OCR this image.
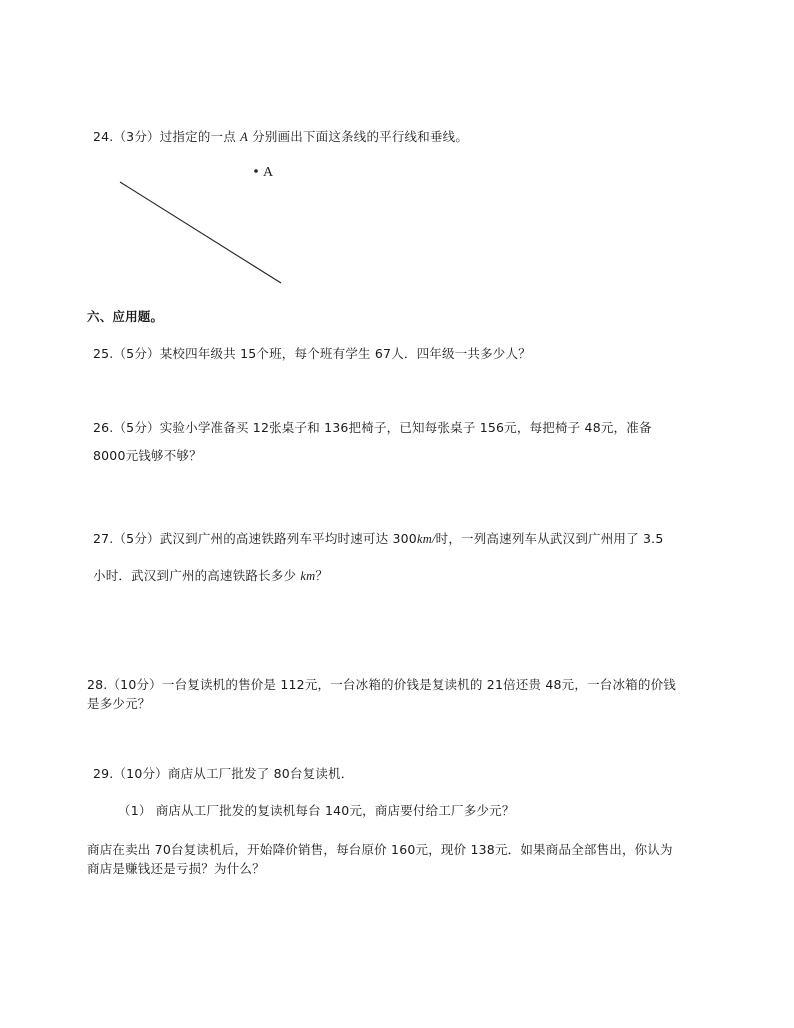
24.（3分）过指定的一点 A 分别画出下面这条线的平行线和垂线。
A
六、应用题。
25.（5分）某校四年级共 15个班，每个班有学生 67人．四年级一共多少人？
26.（5分）实验小学准备买 12张桌子和 136把椅子，已知每张桌子 156元，每把椅子 48元，准备
8000元钱够不够？
27.（5分）武汉到广州的高速铁路列车平均时速可达 300km/时，一列高速列车从武汉到广州用了 3.5
小时．武汉到广州的高速铁路长多少 km？
28.（10分）一台复读机的售价是 112元，一台冰箱的价钱是复读机的 21倍还贵 48元，一台冰箱的价钱
是多少元？
29.（10分）商店从工厂批发了 80台复读机．
（1） 商店从工厂批发的复读机每台 140元，商店要付给工厂多少元？
商店在卖出 70台复读机后，开始降价销售，每台原价 160元，现价 138元．如果商品全部售出，你认为
商店是赚钱还是亏损？为什么？
